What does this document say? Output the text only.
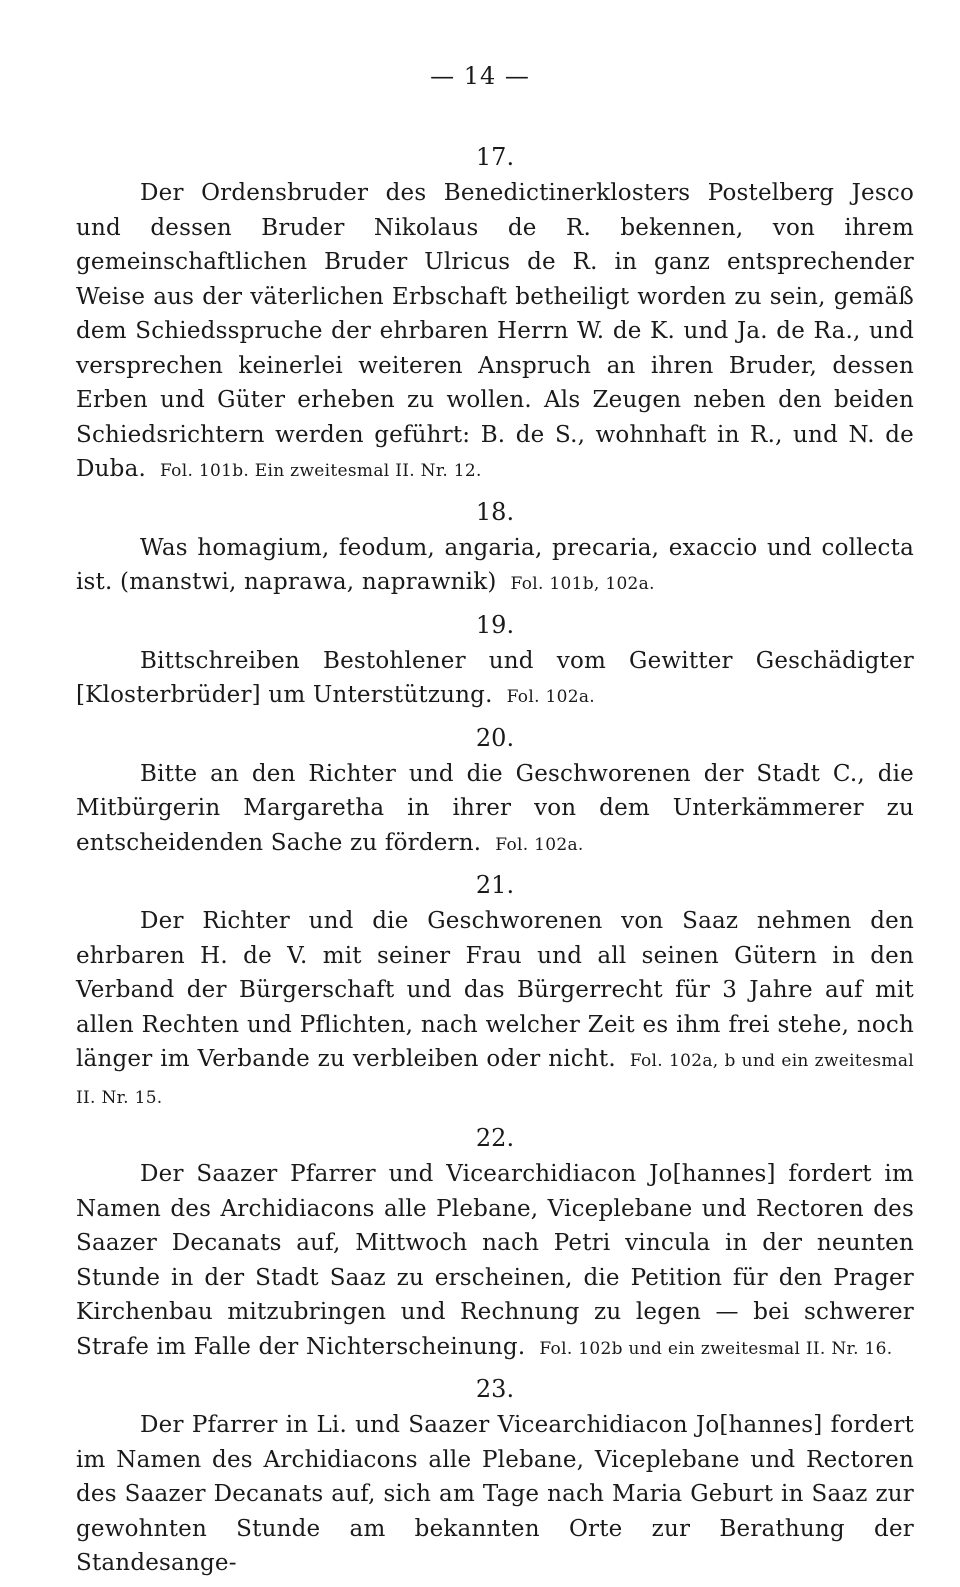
— 14 —
17.

Der Ordensbruder des Benedictinerklosters Postelberg Jesco und dessen Bruder Nikolaus de R. bekennen, von ihrem gemeinschaftlichen Bruder Ulricus de R. in ganz entsprechender Weise aus der väterlichen Erbschaft betheiligt worden zu sein, gemäß dem Schiedsspruche der ehrbaren Herrn W. de K. und Ja. de Ra., und versprechen keinerlei weiteren Anspruch an ihren Bruder, dessen Erben und Güter erheben zu wollen. Als Zeugen neben den beiden Schiedsrichtern werden geführt: B. de S., wohnhaft in R., und N. de Duba. Fol. 101b. Ein zweitesmal II. Nr. 12.

18.

Was homagium, feodum, angaria, precaria, exaccio und collecta ist. (manstwi, naprawa, naprawnik) Fol. 101b, 102a.

19.

Bittschreiben Bestohlener und vom Gewitter Geschädigter [Klosterbrüder] um Unterstützung. Fol. 102a.

20.

Bitte an den Richter und die Geschworenen der Stadt C., die Mitbürgerin Margaretha in ihrer von dem Unterkämmerer zu entscheidenden Sache zu fördern. Fol. 102a.

21.

Der Richter und die Geschworenen von Saaz nehmen den ehrbaren H. de V. mit seiner Frau und all seinen Gütern in den Verband der Bürgerschaft und das Bürgerrecht für 3 Jahre auf mit allen Rechten und Pflichten, nach welcher Zeit es ihm frei stehe, noch länger im Verbande zu verbleiben oder nicht. Fol. 102a, b und ein zweitesmal II. Nr. 15.

22.

Der Saazer Pfarrer und Vicearchidiacon Jo[hannes] fordert im Namen des Archidiacons alle Plebane, Viceplebane und Rectoren des Saazer Decanats auf, Mittwoch nach Petri vincula in der neunten Stunde in der Stadt Saaz zu erscheinen, die Petition für den Prager Kirchenbau mitzubringen und Rechnung zu legen — bei schwerer Strafe im Falle der Nichterscheinung. Fol. 102b und ein zweitesmal II. Nr. 16.

23.

Der Pfarrer in Li. und Saazer Vicearchidiacon Jo[hannes] fordert im Namen des Archidiacons alle Plebane, Viceplebane und Rectoren des Saazer Decanats auf, sich am Tage nach Maria Geburt in Saaz zur gewohnten Stunde am bekannten Orte zur Berathung der Standesange-
